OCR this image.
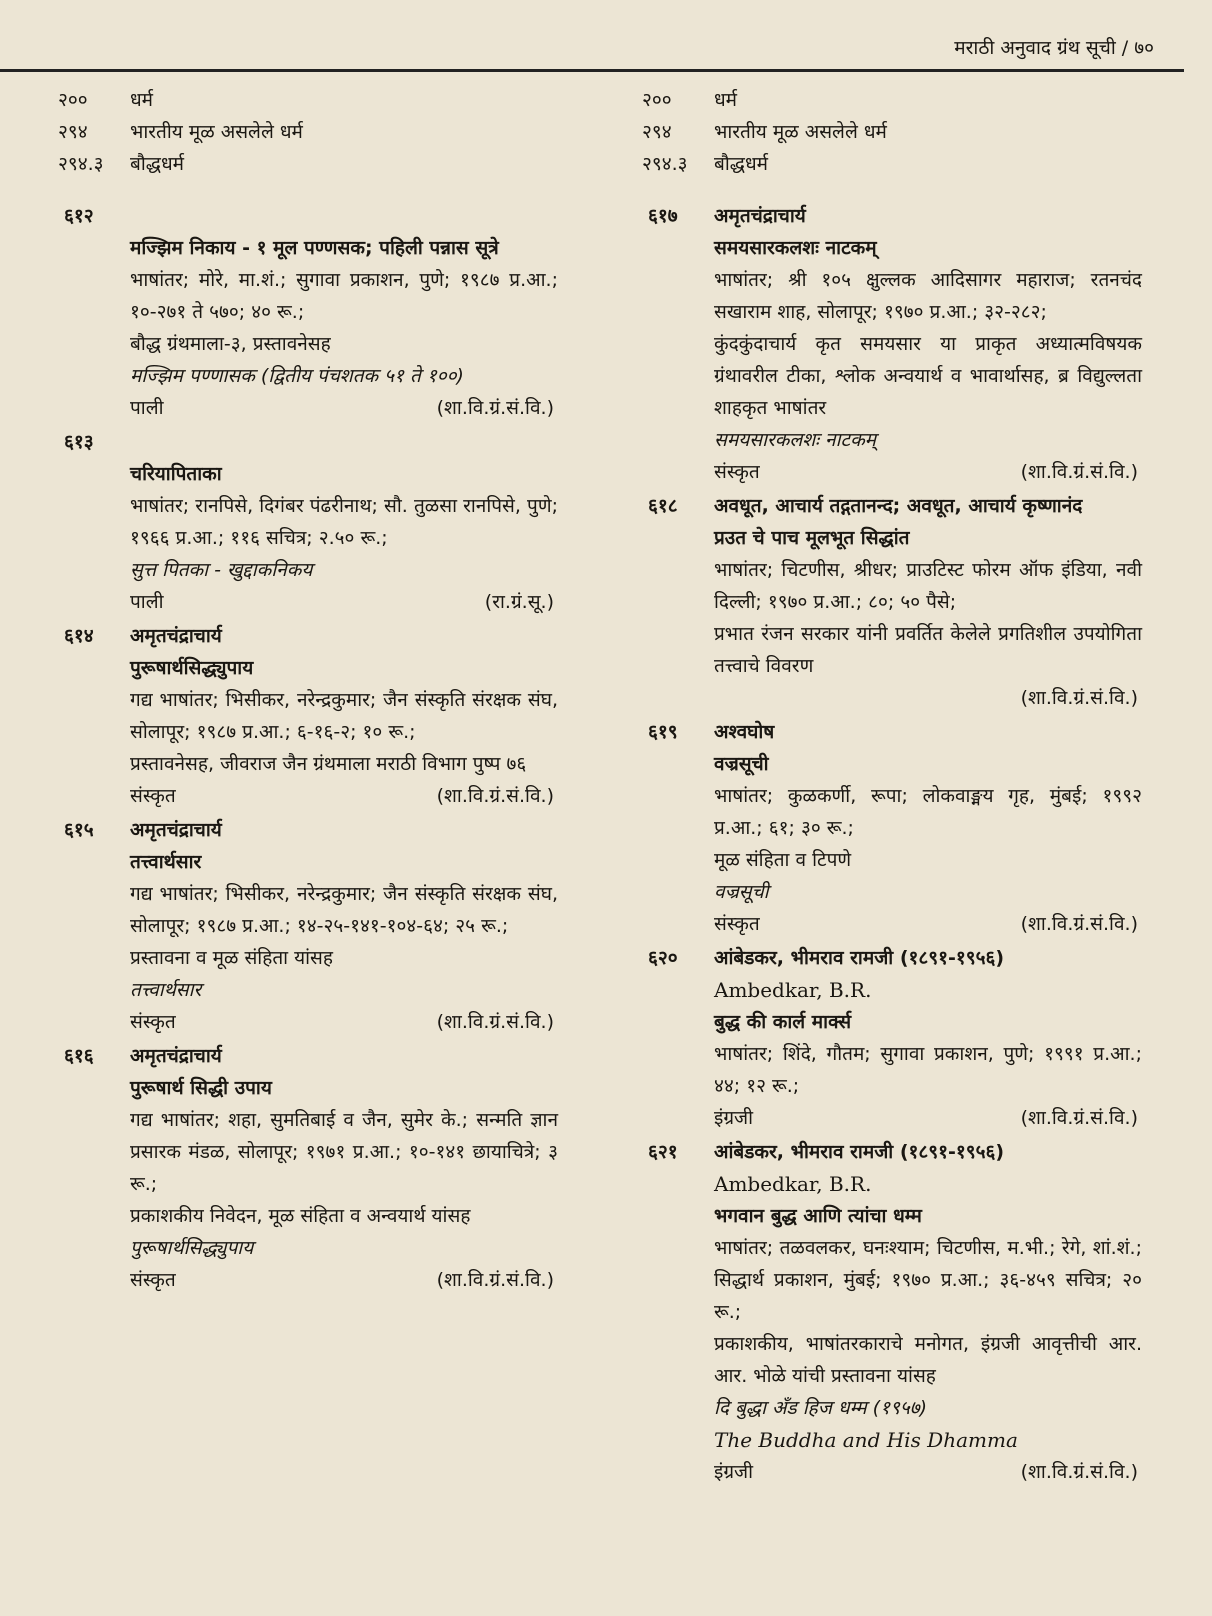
मराठी अनुवाद ग्रंथ सूची / ७०
२००	धर्म
२९४	भारतीय मूळ असलेले धर्म
२९४.३	बौद्धधर्म
६१२
मज्झिम निकाय - १ मूल पण्णसक; पहिली पन्नास सूत्रे
भाषांतर; मोरे, मा.शं.; सुगावा प्रकाशन, पुणे; १९८७ प्र.आ.; १०-२७१ ते ५७०; ४० रू.;
बौद्ध ग्रंथमाला-३, प्रस्तावनेसह
मज्झिम पण्णासक (द्वितीय पंचशतक ५१ ते १००)
पाली	(शा.वि.ग्रं.सं.वि.)
६१३
चरियापिताका
भाषांतर; रानपिसे, दिगंबर पंढरीनाथ; सौ. तुळसा रानपिसे, पुणे; १९६६ प्र.आ.; ११६ सचित्र; २.५० रू.;
सुत्त पितका - खुद्दाकनिकय
पाली	(रा.ग्रं.सू.)
६१४ अमृतचंद्राचार्य
पुरूषार्थसिद्ध्युपाय
गद्य भाषांतर; भिसीकर, नरेन्द्रकुमार; जैन संस्कृति संरक्षक संघ, सोलापूर; १९८७ प्र.आ.; ६-१६-२; १० रू.;
प्रस्तावनेसह, जीवराज जैन ग्रंथमाला मराठी विभाग पुष्प ७६
संस्कृत	(शा.वि.ग्रं.सं.वि.)
६१५ अमृतचंद्राचार्य
तत्त्वार्थसार
गद्य भाषांतर; भिसीकर, नरेन्द्रकुमार; जैन संस्कृति संरक्षक संघ, सोलापूर; १९८७ प्र.आ.; १४-२५-१४१-१०४-६४; २५ रू.;
प्रस्तावना व मूळ संहिता यांसह
तत्त्वार्थसार
संस्कृत	(शा.वि.ग्रं.सं.वि.)
६१६ अमृतचंद्राचार्य
पुरूषार्थ सिद्धी उपाय
गद्य भाषांतर; शहा, सुमतिबाई व जैन, सुमेर के.; सन्मति ज्ञान प्रसारक मंडळ, सोलापूर; १९७१ प्र.आ.; १०-१४१ छायाचित्रे; ३ रू.;
प्रकाशकीय निवेदन, मूळ संहिता व अन्वयार्थ यांसह
पुरूषार्थसिद्ध्युपाय
संस्कृत	(शा.वि.ग्रं.सं.वि.)
२००	धर्म
२९४	भारतीय मूळ असलेले धर्म
२९४.३	बौद्धधर्म
६१७ अमृतचंद्राचार्य
समयसारकलशः नाटकम्
भाषांतर; श्री १०५ क्षुल्लक आदिसागर महाराज; रतनचंद सखाराम शाह, सोलापूर; १९७० प्र.आ.; ३२-२८२;
कुंदकुंदाचार्य कृत समयसार या प्राकृत अध्यात्मविषयक ग्रंथावरील टीका, श्लोक अन्वयार्थ व भावार्थासह, ब्र विद्युल्लता शाहकृत भाषांतर
समयसारकलशः नाटकम्
संस्कृत	(शा.वि.ग्रं.सं.वि.)
६१८ अवधूत, आचार्य तद्गतानन्द; अवधूत, आचार्य कृष्णानंद
प्रउत चे पाच मूलभूत सिद्धांत
भाषांतर; चिटणीस, श्रीधर; प्राउटिस्ट फोरम ऑफ इंडिया, नवी दिल्ली; १९७० प्र.आ.; ८०; ५० पैसे;
प्रभात रंजन सरकार यांनी प्रवर्तित केलेले प्रगतिशील उपयोगिता तत्त्वाचे विवरण
(शा.वि.ग्रं.सं.वि.)
६१९ अश्वघोष
वज्रसूची
भाषांतर; कुळकर्णी, रूपा; लोकवाङ्मय गृह, मुंबई; १९९२ प्र.आ.; ६१; ३० रू.;
मूळ संहिता व टिपणे
वज्रसूची
संस्कृत	(शा.वि.ग्रं.सं.वि.)
६२० आंबेडकर, भीमराव रामजी (१८९१-१९५६)
Ambedkar, B.R.
बुद्ध की कार्ल मार्क्स
भाषांतर; शिंदे, गौतम; सुगावा प्रकाशन, पुणे; १९९१ प्र.आ.; ४४; १२ रू.;
इंग्रजी	(शा.वि.ग्रं.सं.वि.)
६२१ आंबेडकर, भीमराव रामजी (१८९१-१९५६)
Ambedkar, B.R.
भगवान बुद्ध आणि त्यांचा धम्म
भाषांतर; तळवलकर, घनःश्याम; चिटणीस, म.भी.; रेगे, शां.शं.; सिद्धार्थ प्रकाशन, मुंबई; १९७० प्र.आ.; ३६-४५९ सचित्र; २० रू.;
प्रकाशकीय, भाषांतरकाराचे मनोगत, इंग्रजी आवृत्तीची आर. आर. भोळे यांची प्रस्तावना यांसह
दि बुद्धा ॲंड हिज धम्म (१९५७)
The Buddha and His Dhamma
इंग्रजी	(शा.वि.ग्रं.सं.वि.)
